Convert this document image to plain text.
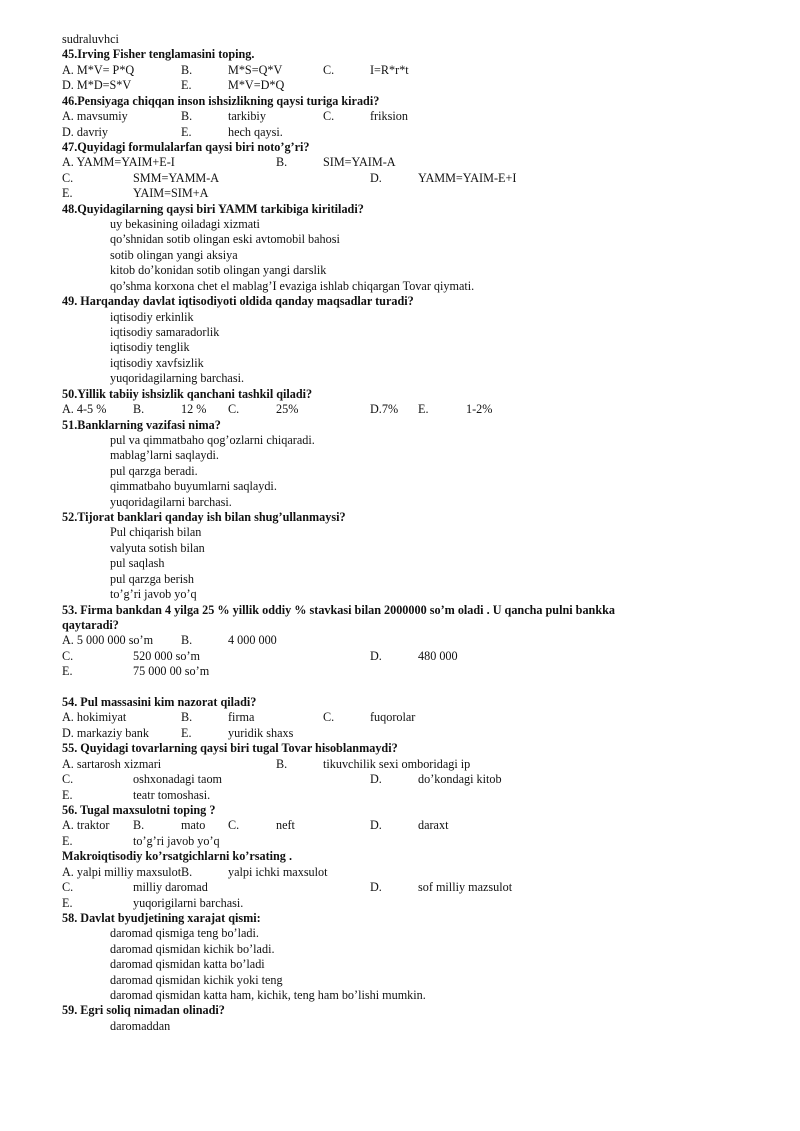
sudraluvhci
45.Irving Fisher tenglamasini toping.
A. M*V= P*Q	B.	M*S=Q*V	C.	I=R*r*t
D. M*D=S*V	E.	M*V=D*Q
46.Pensiyaga chiqqan inson ishsizlikning qaysi turiga kiradi?
A. mavsumiy	B.	tarkibiy	C.	friksion
D. davriy	E.	hech qaysi.
47.Quyidagi formulalarfan qaysi biri noto’g’ri?
A. YAMM=YAIM+E-I	B.	SIM=YAIM-A
C.	SMM=YAMM-A	D.	YAMM=YAIM-E+I
E.	YAIM=SIM+A
48.Quyidagilarning qaysi biri YAMM tarkibiga kiritiladi?
uy bekasining oiladagi xizmati
qo’shnidan sotib olingan eski avtomobil bahosi
sotib olingan yangi aksiya
kitob do’konidan sotib olingan yangi darslik
qo’shma korxona chet el mablag’I evaziga ishlab chiqargan Tovar qiymati.
49. Harqanday davlat iqtisodiyoti oldida qanday maqsadlar turadi?
iqtisodiy erkinlik
iqtisodiy samaradorlik
iqtisodiy tenglik
iqtisodiy xavfsizlik
yuqoridagilarning barchasi.
50.Yillik tabiiy ishsizlik qanchani tashkil qiladi?
A. 4-5 % B.	12 % C.	25%	D.7% E.	1-2%
51.Banklarning vazifasi nima?
pul va qimmatbaho qog’ozlarni chiqaradi.
mablag’larni saqlaydi.
pul qarzga beradi.
qimmatbaho buyumlarni saqlaydi.
yuqoridagilarni barchasi.
52.Tijorat banklari qanday ish bilan shug’ullanmaysi?
Pul chiqarish bilan
valyuta sotish bilan
pul saqlash
pul qarzga berish
to’g’ri javob yo’q
53. Firma bankdan 4 yilga 25 % yillik oddiy % stavkasi bilan 2000000 so’m oladi . U qancha pulni bankka
qaytaradi?
A. 5 000 000 so’m B.	4 000 000
C.	520 000 so’m	D.	480 000
E.	75 000 00 so’m
54. Pul massasini kim nazorat qiladi?
A. hokimiyat	B.	firma	C.	fuqorolar
D. markaziy bank	E.	yuridik shaxs
55. Quyidagi tovarlarning qaysi biri tugal Tovar hisoblanmaydi?
A. sartarosh xizmari	B.	tikuvchilik sexi omboridagi ip
C.	oshxonadagi taom	D.	do’kondagi kitob
E.	teatr tomoshasi.
56. Tugal maxsulotni toping ?
A. traktor B.	mato C.	neft	D.	daraxt
E.	to’g’ri javob yo’q
Makroiqtisodiy ko’rsatgichlarni ko’rsating .
A. yalpi milliy maxsulot B.	yalpi ichki maxsulot
C.	milliy daromad	D.	sof milliy mazsulot
E.	yuqorigilarni barchasi.
58. Davlat byudjetining xarajat qismi:
daromad qismiga teng bo’ladi.
daromad qismidan kichik bo’ladi.
daromad qismidan katta bo’ladi
daromad qismidan kichik yoki teng
daromad qismidan katta ham, kichik, teng ham bo’lishi mumkin.
59. Egri soliq nimadan olinadi?
daromaddan
